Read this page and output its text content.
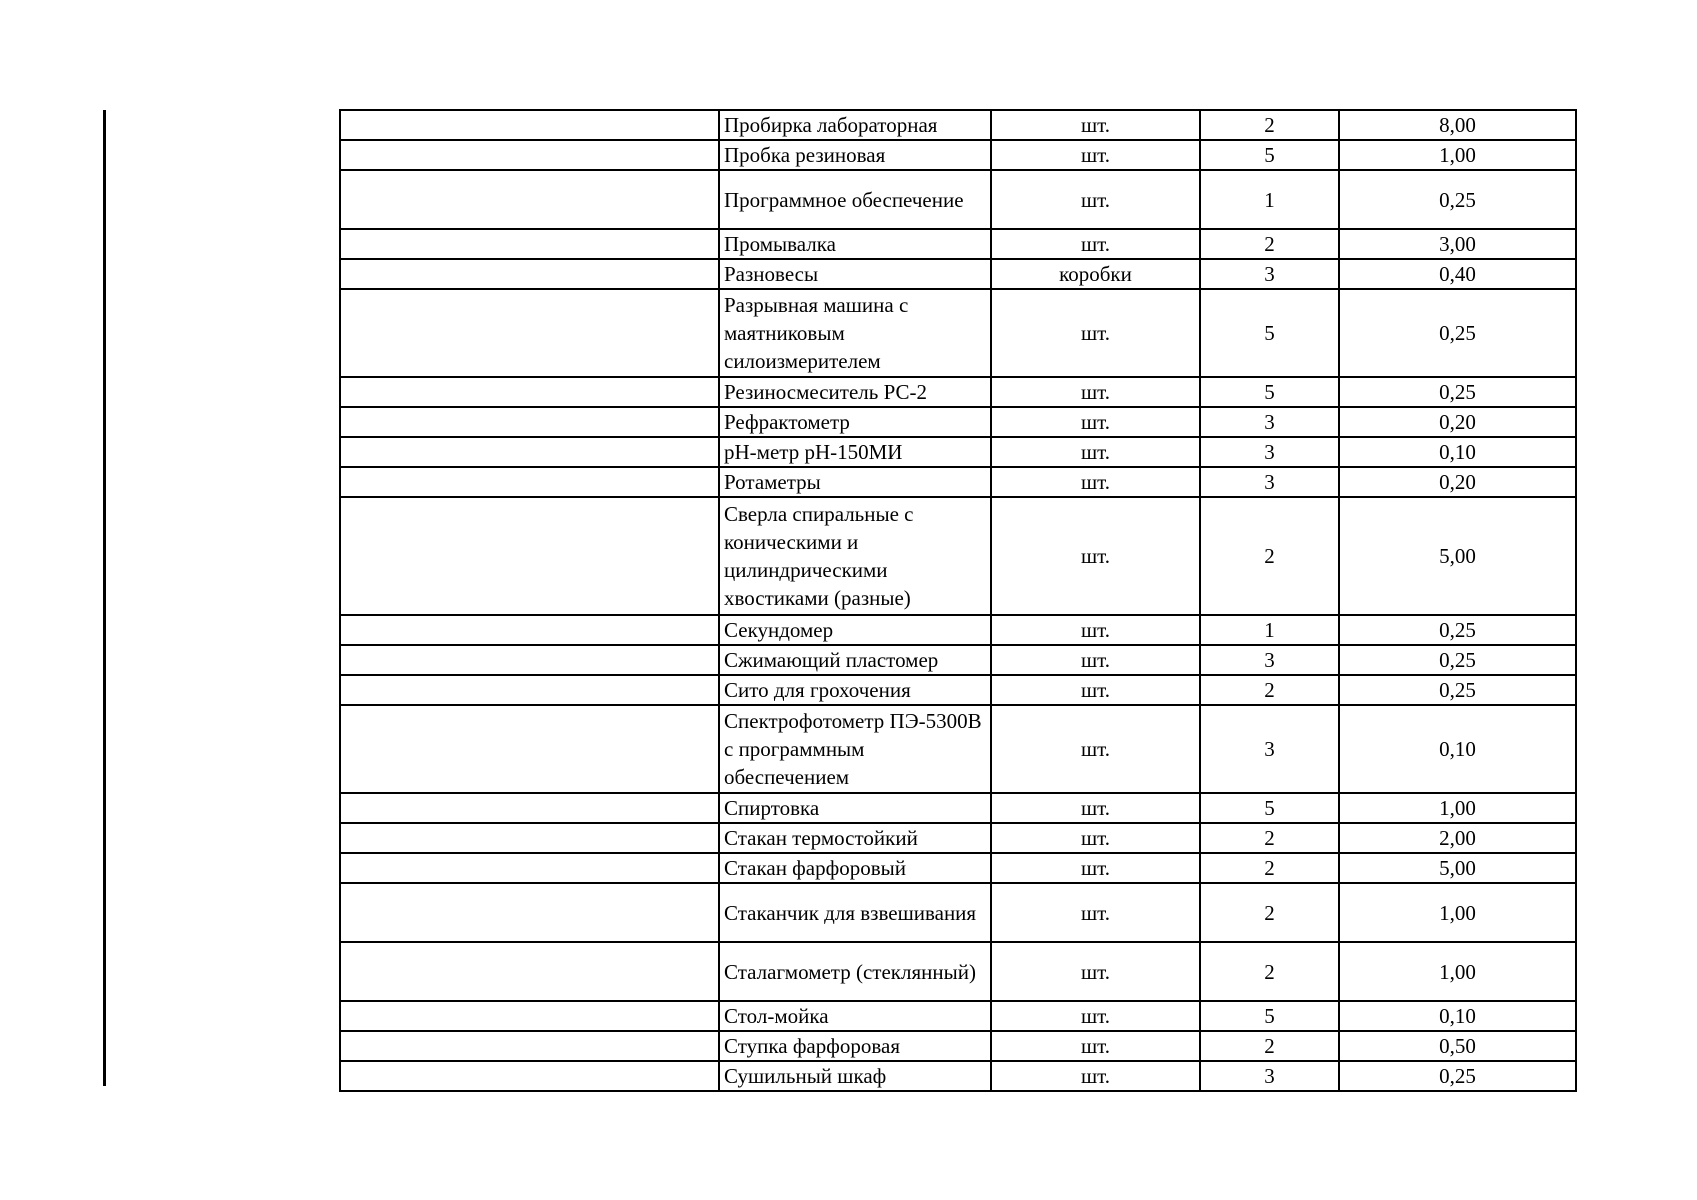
	Пробирка лабораторная	шт.	2	8,00
	Пробка резиновая	шт.	5	1,00
	Программное обеспечение	шт.	1	0,25
	Промывалка	шт.	2	3,00
	Разновесы	коробки	3	0,40
	Разрывная машина с маятниковым силоизмерителем	шт.	5	0,25
	Резиносмеситель РС-2	шт.	5	0,25
	Рефрактометр	шт.	3	0,20
	pH-метр pH-150МИ	шт.	3	0,10
	Ротаметры	шт.	3	0,20
	Сверла спиральные с коническими и цилиндрическими хвостиками (разные)	шт.	2	5,00
	Секундомер	шт.	1	0,25
	Сжимающий пластомер	шт.	3	0,25
	Сито для грохочения	шт.	2	0,25
	Спектрофотометр ПЭ-5300В с программным обеспечением	шт.	3	0,10
	Спиртовка	шт.	5	1,00
	Стакан термостойкий	шт.	2	2,00
	Стакан фарфоровый	шт.	2	5,00
	Стаканчик для взвешивания	шт.	2	1,00
	Сталагмометр (стеклянный)	шт.	2	1,00
	Стол-мойка	шт.	5	0,10
	Ступка фарфоровая	шт.	2	0,50
	Сушильный шкаф	шт.	3	0,25
